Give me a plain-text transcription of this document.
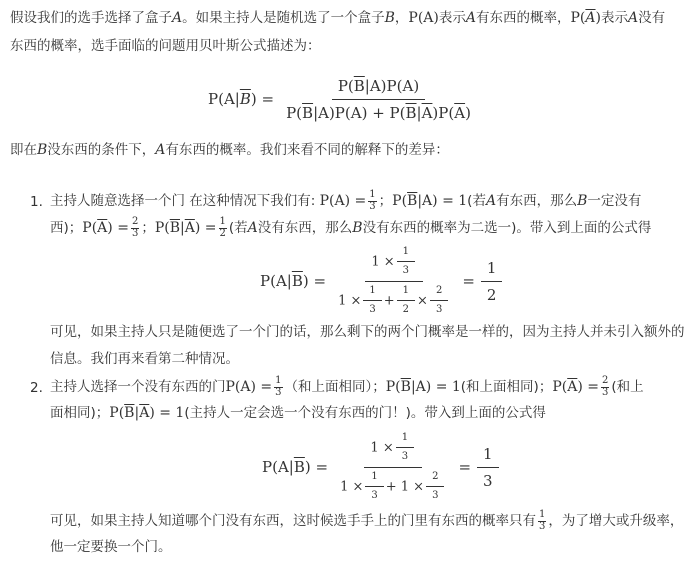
假设我们的选手选择了盒子A。如果主持人是随机选了一个盒子B，P(A)表示A有东西的概率，$P(\overline{A})$表示A没有
东西的概率，选手面临的问题用贝叶斯公式描述为：
$P(A|\overline{B}) = \frac{P(\overline{B}|A)P(A)}{P(\overline{B}|A)P(A) + P(\overline{B}|\overline{A})P(\overline{A})}$
即在B没东西的条件下，A有东西的概率。我们来看不同的解释下的差异：
1. 主持人随意选择一个门 在这种情况下我们有: $P(A) = \frac{1}{3}$ ；$P(\overline{B}|A) = 1$(若A有东西，那么B一定没有
西)；$P(\overline{A}) = \frac{2}{3}$ ；$P(\overline{B}|\overline{A}) = \frac{1}{2}$ (若A没有东西，那么B没有东西的概率为二选一)。带入到上面的公式得
$P(A|\overline{B}) = \frac{1 \times \frac{1}{3}}{1 \times \frac{1}{3} + \frac{1}{2} \times \frac{2}{3}} = \frac{1}{2}$
可见，如果主持人只是随便选了一个门的话，那么剩下的两个门概率是一样的，因为主持人并未引入额外的
信息。我们再来看第二种情况。
2. 主持人选择一个没有东西的门$P(A) = \frac{1}{3}$ （和上面相同）；$P(\overline{B}|A) = 1$(和上面相同)；$P(\overline{A}) = \frac{2}{3}$ (和上
面相同)；$P(\overline{B}|\overline{A}) = 1$(主持人一定会选一个没有东西的门！)。带入到上面的公式得
$P(A|\overline{B}) = \frac{1 \times \frac{1}{3}}{1 \times \frac{1}{3} + 1 \times \frac{2}{3}} = \frac{1}{3}$
可见，如果主持人知道哪个门没有东西，这时候选手手上的门里有东西的概率只有 $\frac{1}{3}$ ，为了增大或升级率，
他一定要换一个门。
